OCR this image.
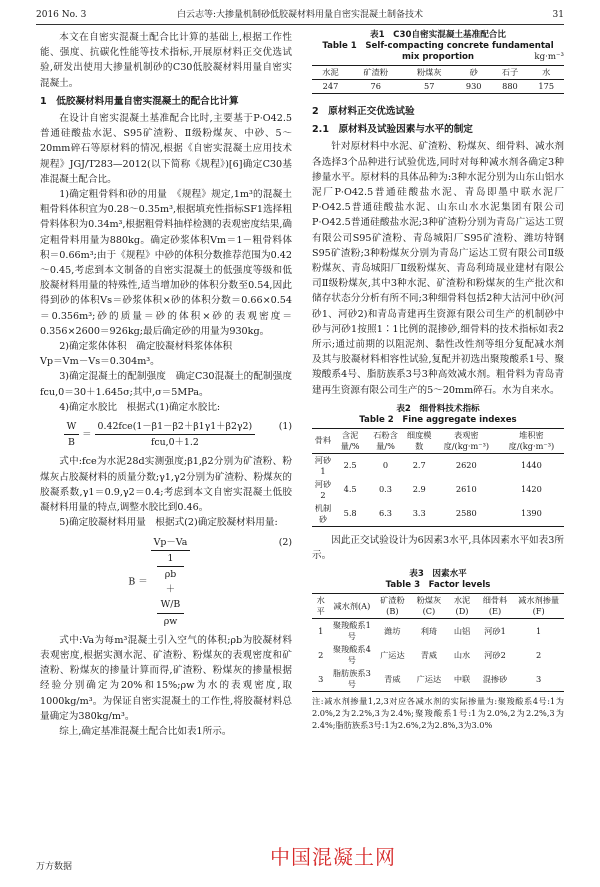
2016 No. 3	白云志等:大掺量机制砂低胶凝材料用量自密实混凝土制备技术	31

本文在自密实混凝土配合比计算的基础上,根据工作性能、强度、抗碳化性能等技术指标,开展原材料正交优选试验,研发出使用大掺量机制砂的C30低胶凝材料用量自密实混凝土。

1　低胶凝材料用量自密实混凝土的配合比计算

在设计自密实混凝土基准配合比时,主要基于P·O42.5普通硅酸盐水泥、S95矿渣粉、Ⅱ级粉煤灰、中砂、5～20mm碎石等原材料的情况,根据《自密实混凝土应用技术规程》JGJ/T283—2012(以下简称《规程》)[6]确定C30基准混凝土配合比。

1)确定粗骨料和砂的用量　《规程》规定,1m³的混凝土粗骨料体积宜为0.28～0.35m³,根据填充性指标SF1选择粗骨料体积为0.34m³,根据粗骨料抽样检测的表观密度结果,确定粗骨料用量为880kg。确定砂浆体积Vm＝1－粗骨料体积＝0.66m³;由于《规程》中砂的体积分数推荐范围为0.42～0.45,考虑到本文制备的自密实混凝土的低强度等级和低胶凝材料用量的特殊性,适当增加砂的体积分数至0.54,因此得到砂的体积Vs＝砂浆体积×砂的体积分数＝0.66×0.54＝0.356m³;砂的质量＝砂的体积×砂的表观密度＝0.356×2600＝926kg;最后确定砂的用量为930kg。

2)确定浆体体积　确定胶凝材料浆体体积

Vp＝Vm－Vs＝0.304m³。

3)确定混凝土的配制强度　确定C30混凝土的配制强度fcu,0＝30＋1.645σ;其中,σ＝5MPa。

4)确定水胶比　根据式(1)确定水胶比:

$\frac{W}{B} = \frac{\text{0.42fce(1－β1－β2＋β1γ1＋β2γ2)}}{\text{fcu,0＋1.2}}$	(1)

式中:fce为水泥28d实测强度;β1,β2分别为矿渣粉、粉煤灰占胶凝材料的质量分数;γ1,γ2分别为矿渣粉、粉煤灰的胶凝系数,γ1＝0.9,γ2＝0.4;考虑到本文自密实混凝土低胶凝材料用量的特点,调整水胶比到0.46。

5)确定胶凝材料用量　根据式(2)确定胶凝材料用量:

B ＝ Vp－Va
1
ρb
＋
W/B
ρw	(2)

式中:Va为每m³混凝土引入空气的体积;ρb为胶凝材料表观密度,根据实测水泥、矿渣粉、粉煤灰的表观密度和矿渣粉、粉煤灰的掺量计算而得,矿渣粉、粉煤灰的掺量根据经验分别确定为20%和15%;ρw为水的表观密度,取1000kg/m³。为保证自密实混凝土的工作性,将胶凝材料总量确定为380kg/m³。

综上,确定基准混凝土配合比如表1所示。

表1　C30自密实混凝土基准配合比
Table 1　Self-compacting concrete fundamental
mix proportion	kg·m⁻³
水泥	矿渣粉	粉煤灰	砂	石子	水
247	76	57	930	880	175
2　原材料正交优选试验
2.1　原材料及试验因素与水平的制定

针对原材料中水泥、矿渣粉、粉煤灰、细骨料、减水剂各选择3个品种进行试验优选,同时对每种减水剂各确定3种掺量水平。原材料的具体品种为:3种水泥分别为山东山铝水泥厂P·O42.5普通硅酸盐水泥、青岛即墨中联水泥厂P·O42.5普通硅酸盐水泥、山东山水水泥集团有限公司P·O42.5普通硅酸盐水泥;3种矿渣粉分别为青岛广运达工贸有限公司S95矿渣粉、青岛城阳厂S95矿渣粉、潍坊特钢S95矿渣粉;3种粉煤灰分别为青岛广运达工贸有限公司Ⅱ级粉煤灰、青岛城阳厂Ⅱ级粉煤灰、青岛利琦晟业建材有限公司Ⅱ级粉煤灰,其中3种水泥、矿渣粉和粉煤灰的生产批次和储存状态分分析有所不同;3种细骨料包括2种大沽河中砂(河砂1、河砂2)和青岛青建再生资源有限公司生产的机制砂中砂与河砂1按照1∶1比例的混掺砂,细骨料的技术指标如表2所示;通过前期的以阻泥剂、黏性改性剂等组分复配减水剂及其与胶凝材料相容性试验,复配并初选出聚羧酸系1号、聚羧酸系4号、脂肪族系3号3种高效减水剂。粗骨料为青岛青建再生资源有限公司生产的5～20mm碎石。水为自来水。

表2　细骨料技术指标
Table 2　Fine aggregate indexes
骨料	含泥量/%	石粉含量/%	细度模数	表观密度/(kg·m⁻³)	堆积密度/(kg·m⁻³)
河砂1	2.5	0	2.7	2620	1440
河砂2	4.5	0.3	2.9	2610	1420
机制砂	5.8	6.3	3.3	2580	1390

因此正交试验设计为6因素3水平,具体因素水平如表3所示。

表3　因素水平
Table 3　Factor levels
水平	减水剂(A)	矿渣粉(B)	粉煤灰(C)	水泥(D)	细骨料(E)	减水剂掺量(F)
1	聚羧酸系1号	潍坊	利琦	山铝	河砂1	1
2	聚羧酸系4号	广运达	青威	山水	河砂2	2
3	脂肪族系3号	青威	广运达	中联	混掺砂	3

注:减水剂掺量1,2,3对应各减水剂的实际掺量为:聚羧酸系4号:1为2.0%,2为2.2%,3为2.4%;聚羧酸系1号:1为2.0%,2为2.2%,3为2.4%;脂肪族系3号:1为2.6%,2为2.8%,3为3.0%

万方数据	中国混凝土网
